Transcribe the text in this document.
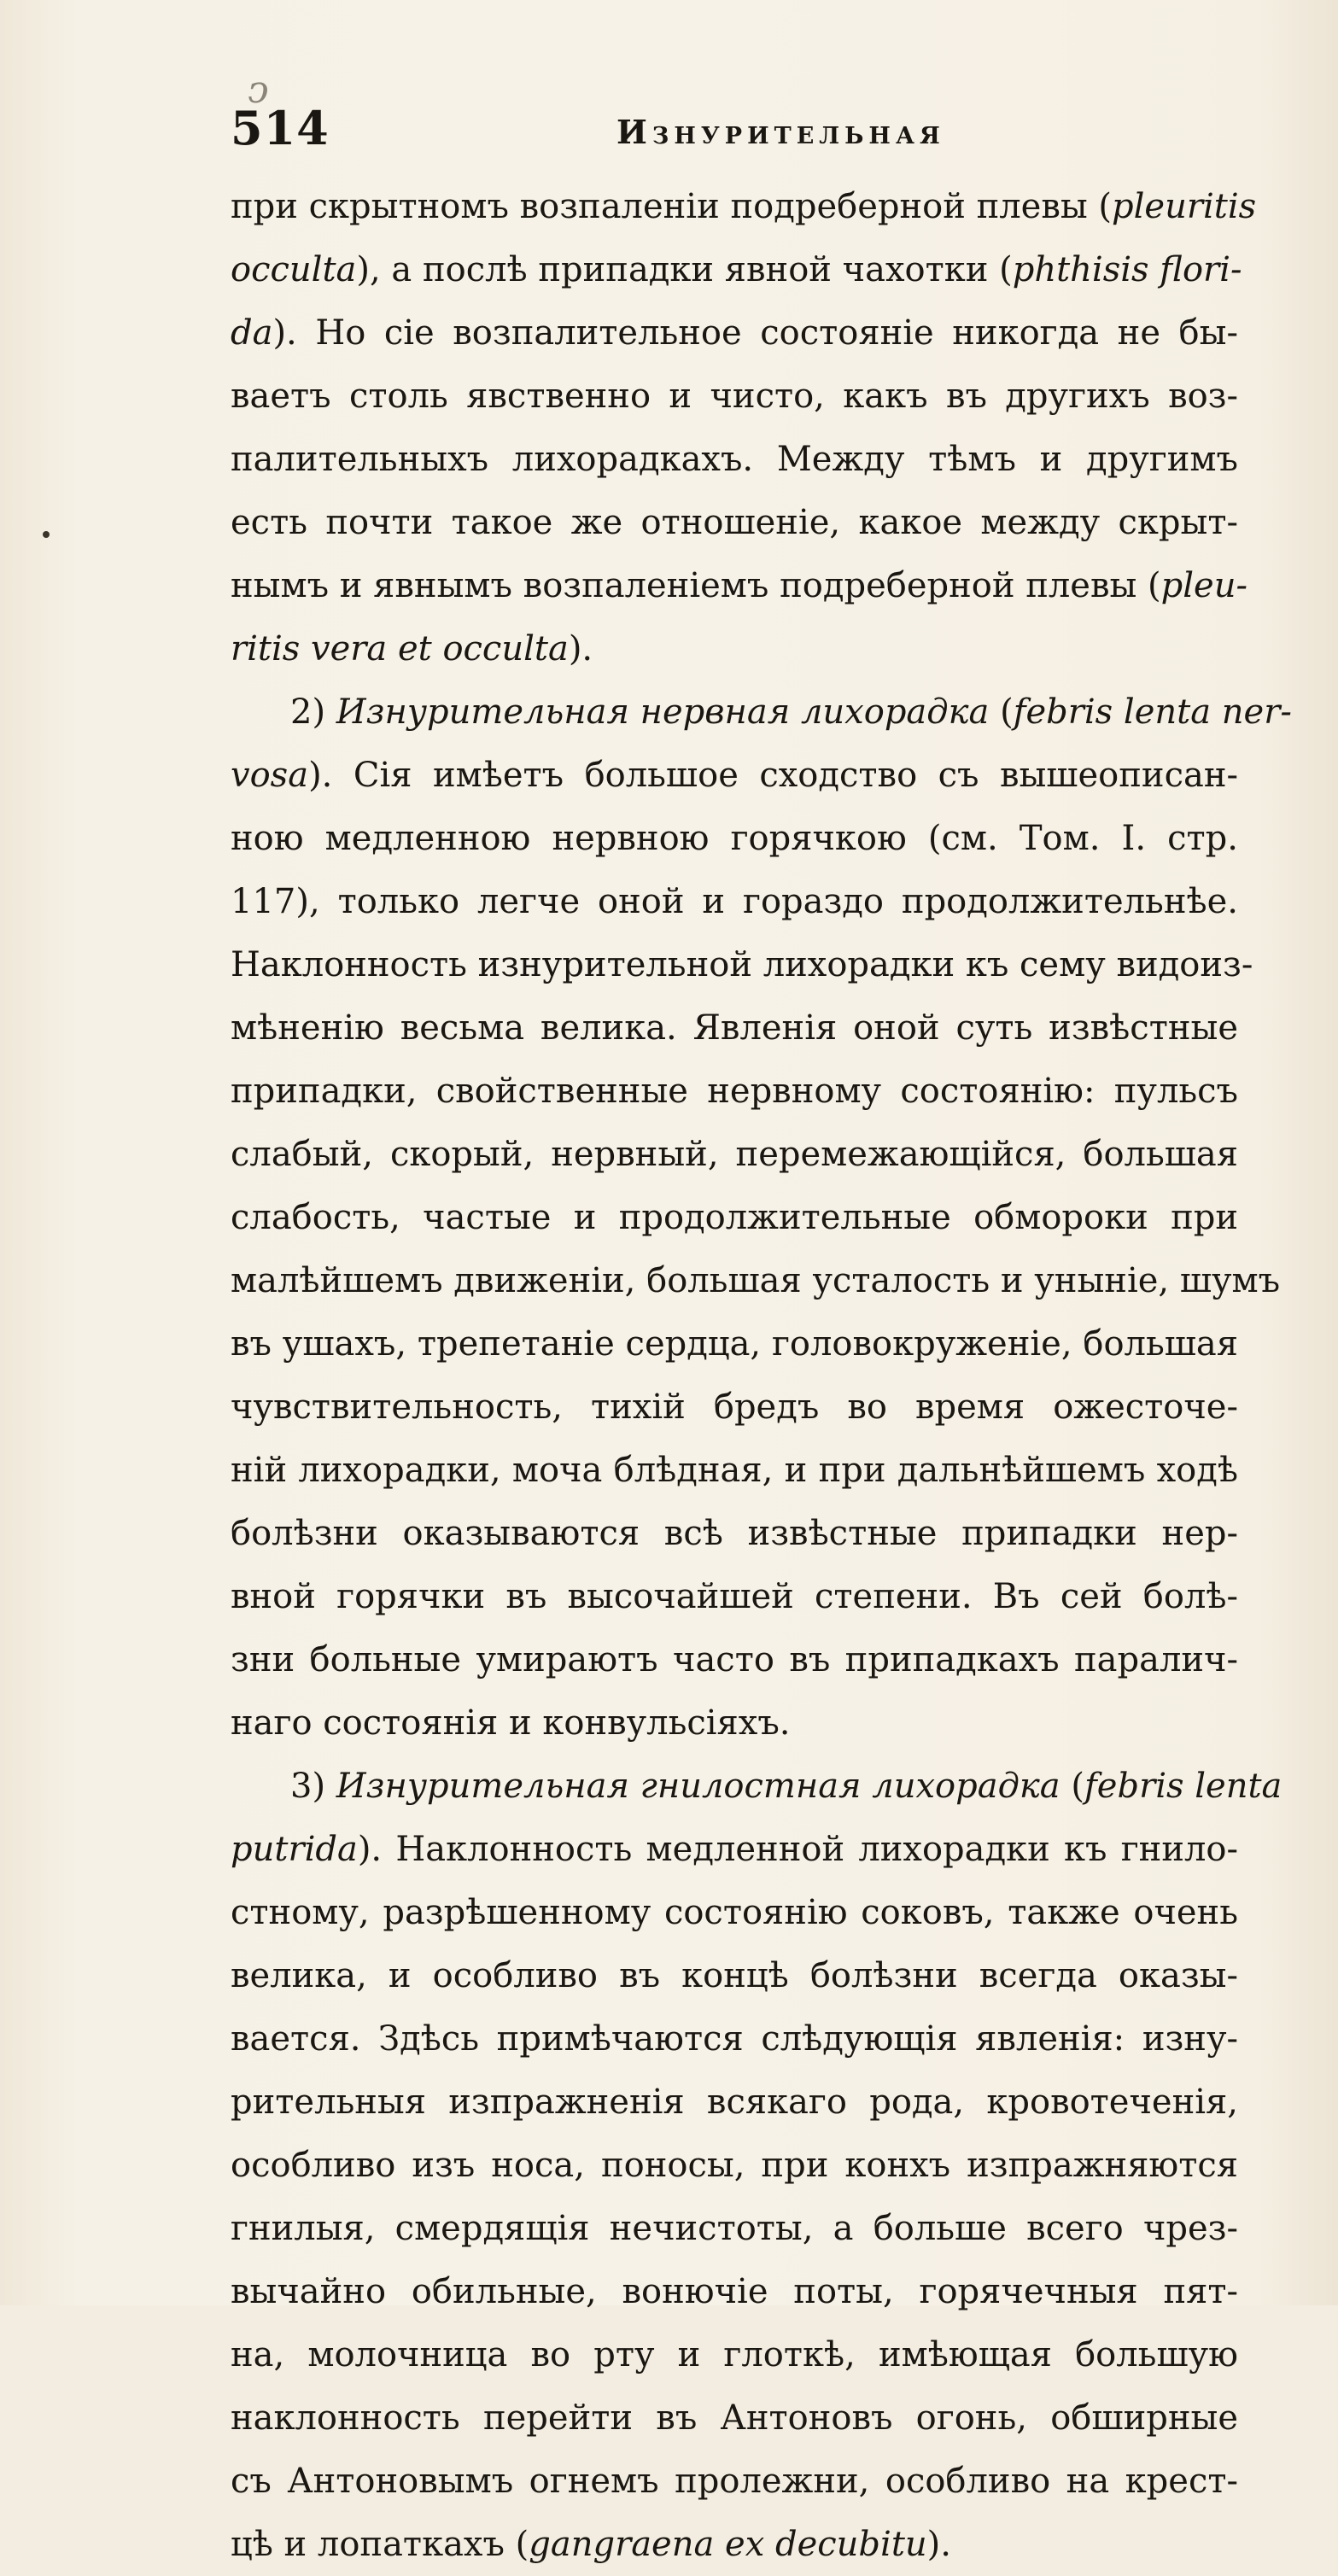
ↄ
514	Изнурительная
при скрытномъ возпаленіи подреберной плевы (pleuritis
occulta), а послѣ припадки явной чахотки (phthisis flori-
da). Но сіе возпалительное состояніе никогда не бы-
ваетъ столь явственно и чисто, какъ въ другихъ воз-
палительныхъ лихорадкахъ. Между тѣмъ и другимъ
есть почти такое же отношеніе, какое между скрыт-
нымъ и явнымъ возпаленіемъ подреберной плевы (pleu-
ritis vera et occulta).
2) Изнурительная нервная лихорадка (febris lenta ner-
vosa). Сія имѣетъ большое сходство съ вышеописан-
ною медленною нервною горячкою (см. Том. I. стр.
117), только легче оной и гораздо продолжительнѣе.
Наклонность изнурительной лихорадки къ сему видоиз-
мѣненію весьма велика. Явленія оной суть извѣстные
припадки, свойственные нервному состоянію: пульсъ
слабый, скорый, нервный, перемежающійся, большая
слабость, частые и продолжительные обмороки при
малѣйшемъ движеніи, большая усталость и уныніе, шумъ
въ ушахъ, трепетаніе сердца, головокруженіе, большая
чувствительность, тихій бредъ во время ожесточе-
ній лихорадки, моча блѣдная, и при дальнѣйшемъ ходѣ
болѣзни оказываются всѣ извѣстные припадки нер-
вной горячки въ высочайшей степени. Въ сей болѣ-
зни больные умираютъ часто въ припадкахъ паралич-
наго состоянія и конвульсіяхъ.
3) Изнурительная гнилостная лихорадка (febris lenta
putrida). Наклонность медленной лихорадки къ гнило-
стному, разрѣшенному состоянію соковъ, также очень
велика, и особливо въ концѣ болѣзни всегда оказы-
вается. Здѣсь примѣчаются слѣдующія явленія: изну-
рительныя изпражненія всякаго рода, кровотеченія,
особливо изъ носа, поносы, при конхъ изпражняются
гнилыя, смердящія нечистоты, а больше всего чрез-
вычайно обильные, вонючіе поты, горячечныя пят-
на, молочница во рту и глоткѣ, имѣющая большую
наклонность перейти въ Антоновъ огонь, обширные
съ Антоновымъ огнемъ пролежни, особливо на крест-
цѣ и лопаткахъ (gangraena ex decubitu).
